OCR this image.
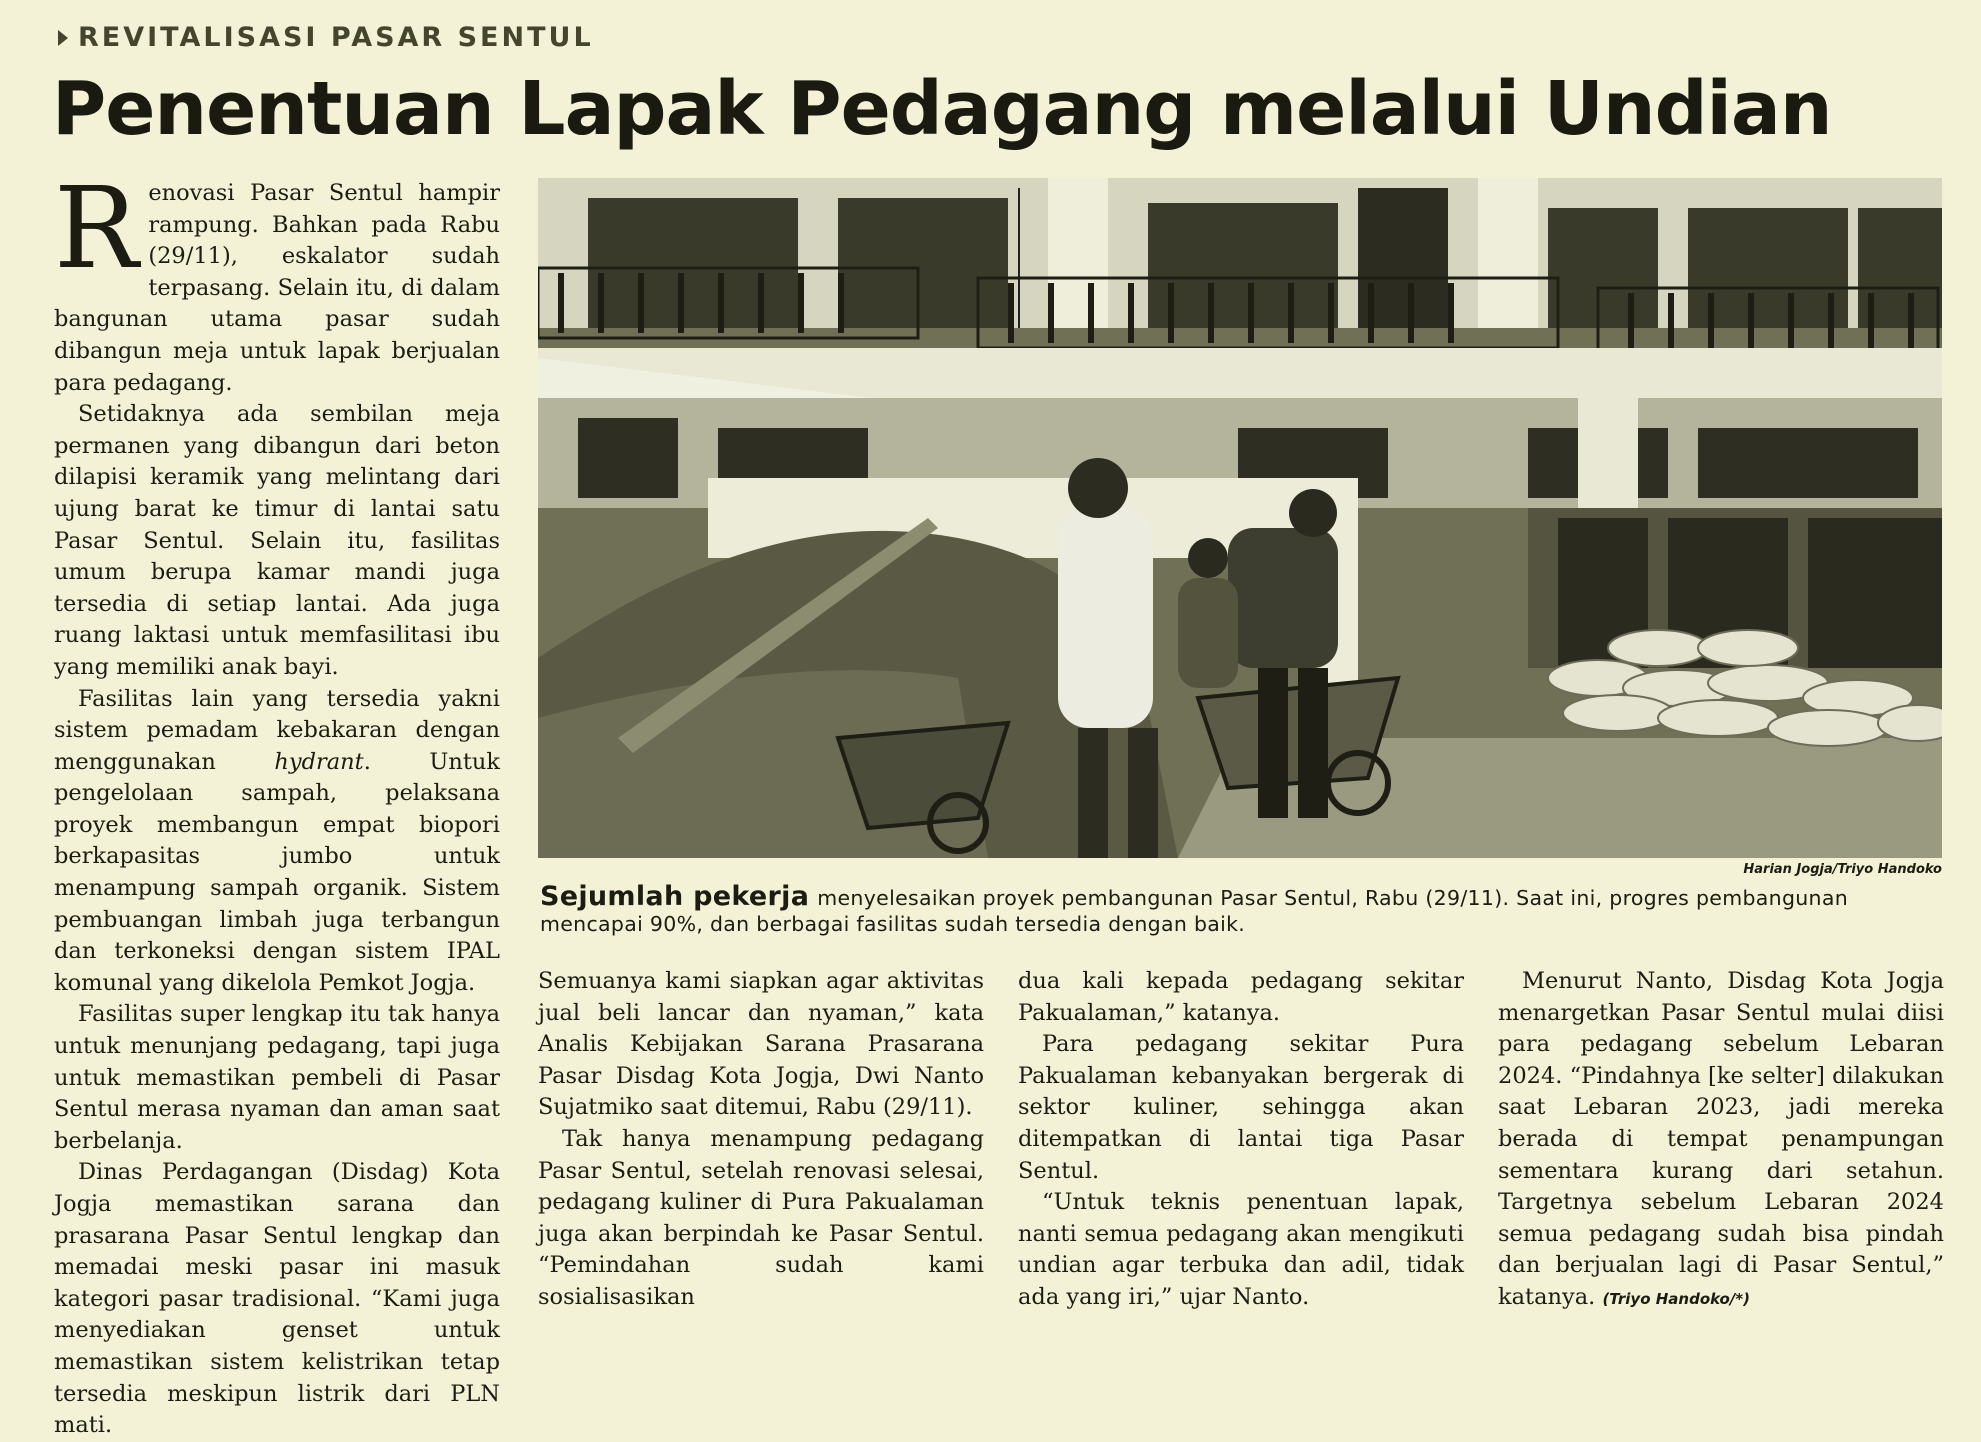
REVITALISASI PASAR SENTUL
Penentuan Lapak Pedagang melalui Undian

Renovasi Pasar Sentul hampir rampung. Bahkan pada Rabu (29/11), eskalator sudah terpasang. Selain itu, di dalam bangunan utama pasar sudah dibangun meja untuk lapak berjualan para pedagang.

Setidaknya ada sembilan meja permanen yang dibangun dari beton dilapisi keramik yang melintang dari ujung barat ke timur di lantai satu Pasar Sentul. Selain itu, fasilitas umum berupa kamar mandi juga tersedia di setiap lantai. Ada juga ruang laktasi untuk memfasilitasi ibu yang memiliki anak bayi.

Fasilitas lain yang tersedia yakni sistem pemadam kebakaran dengan menggunakan	hydrant. Untuk pengelolaan sampah, pelaksana proyek membangun empat biopori berkapasitas jumbo untuk menampung sampah organik. Sistem pembuangan limbah juga terbangun dan terkoneksi dengan sistem IPAL komunal yang dikelola Pemkot Jogja.

Fasilitas super lengkap itu tak hanya untuk menunjang pedagang, tapi juga untuk memastikan pembeli di Pasar Sentul merasa nyaman dan aman saat berbelanja.

Dinas Perdagangan (Disdag) Kota Jogja memastikan sarana dan prasarana Pasar Sentul lengkap dan memadai meski pasar ini masuk kategori pasar tradisional. “Kami juga menyediakan genset untuk memastikan sistem kelistrikan tetap tersedia meskipun listrik dari PLN mati.

Harian Jogja/Triyo Handoko
Sejumlah pekerja menyelesaikan proyek pembangunan Pasar Sentul, Rabu (29/11). Saat ini, progres pembangunan mencapai 90%, dan berbagai fasilitas sudah tersedia dengan baik.

Semuanya kami siapkan agar aktivitas jual beli lancar dan nyaman,” kata Analis Kebijakan Sarana Prasarana Pasar Disdag Kota Jogja, Dwi Nanto Sujatmiko saat ditemui, Rabu (29/11).

Tak hanya menampung pedagang Pasar Sentul, setelah renovasi selesai, pedagang kuliner di Pura Pakualaman juga akan berpindah ke Pasar Sentul. “Pemindahan sudah kami sosialisasikan

dua kali kepada pedagang sekitar Pakualaman,” katanya.

Para pedagang sekitar Pura Pakualaman kebanyakan bergerak di sektor kuliner, sehingga akan ditempatkan di lantai tiga Pasar Sentul.

“Untuk teknis penentuan lapak, nanti semua pedagang akan mengikuti undian agar terbuka dan adil, tidak ada yang iri,” ujar Nanto.

Menurut Nanto, Disdag Kota Jogja menargetkan Pasar Sentul mulai diisi para pedagang sebelum Lebaran 2024. “Pindahnya [ke selter] dilakukan saat Lebaran 2023, jadi mereka berada di tempat penampungan sementara kurang dari setahun. Targetnya sebelum Lebaran 2024 semua pedagang sudah bisa pindah dan berjualan lagi di Pasar Sentul,” katanya. (Triyo Handoko/*)
